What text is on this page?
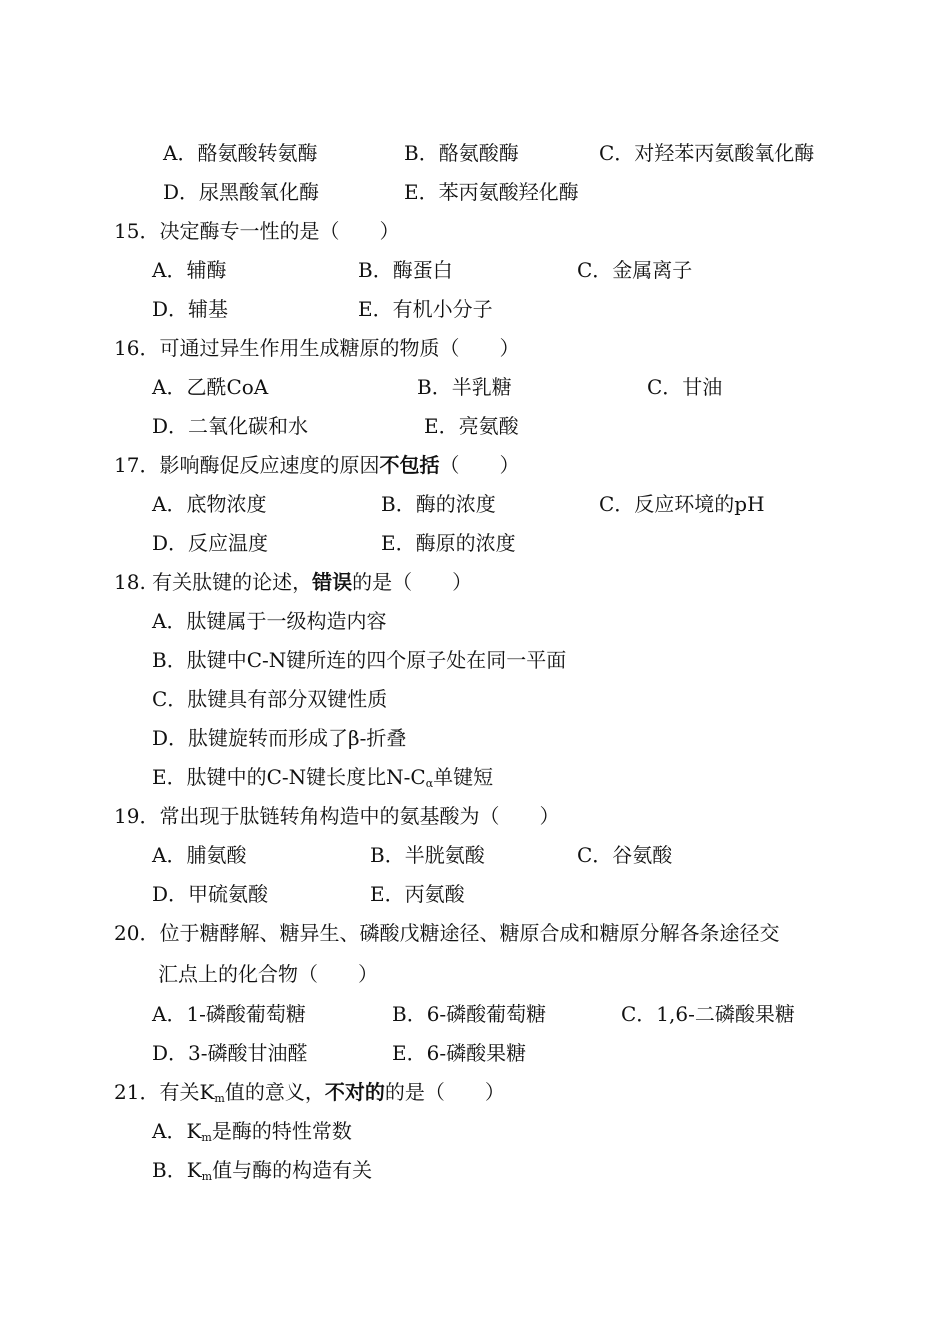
A．酪氨酸转氨酶	B．酪氨酸酶	C．对羟苯丙氨酸氧化酶
D．尿黑酸氧化酶	E．苯丙氨酸羟化酶
15．决定酶专一性的是（　　）
A．辅酶	B．酶蛋白	C．金属离子
D．辅基	E．有机小分子
16．可通过异生作用生成糖原的物质（　　）
A．乙酰CoA	B．半乳糖	C．甘油
D．二氧化碳和水	E．亮氨酸
17．影响酶促反应速度的原因不包括（　　）
A．底物浓度	B．酶的浓度	C．反应环境的pH
D．反应温度	E．酶原的浓度
18. 有关肽键的论述，错误的是（　　）
A．肽键属于一级构造内容
B．肽键中C-N键所连的四个原子处在同一平面
C．肽键具有部分双键性质
D．肽键旋转而形成了β-折叠
E．肽键中的C-N键长度比$N-C_\alpha$单键短
19．常出现于肽链转角构造中的氨基酸为（　　）
A．脯氨酸	B．半胱氨酸	C．谷氨酸
D．甲硫氨酸	E．丙氨酸
20．位于糖酵解、糖异生、磷酸戊糖途径、糖原合成和糖原分解各条途径交
汇点上的化合物（　　）
A．1-磷酸葡萄糖	B．6-磷酸葡萄糖	C．1,6-二磷酸果糖
D．3-磷酸甘油醛	E．6-磷酸果糖
21．有关$K_m$值的意义，不对的的是（　　）
A．$K_m$是酶的特性常数
B．$K_m$值与酶的构造有关
